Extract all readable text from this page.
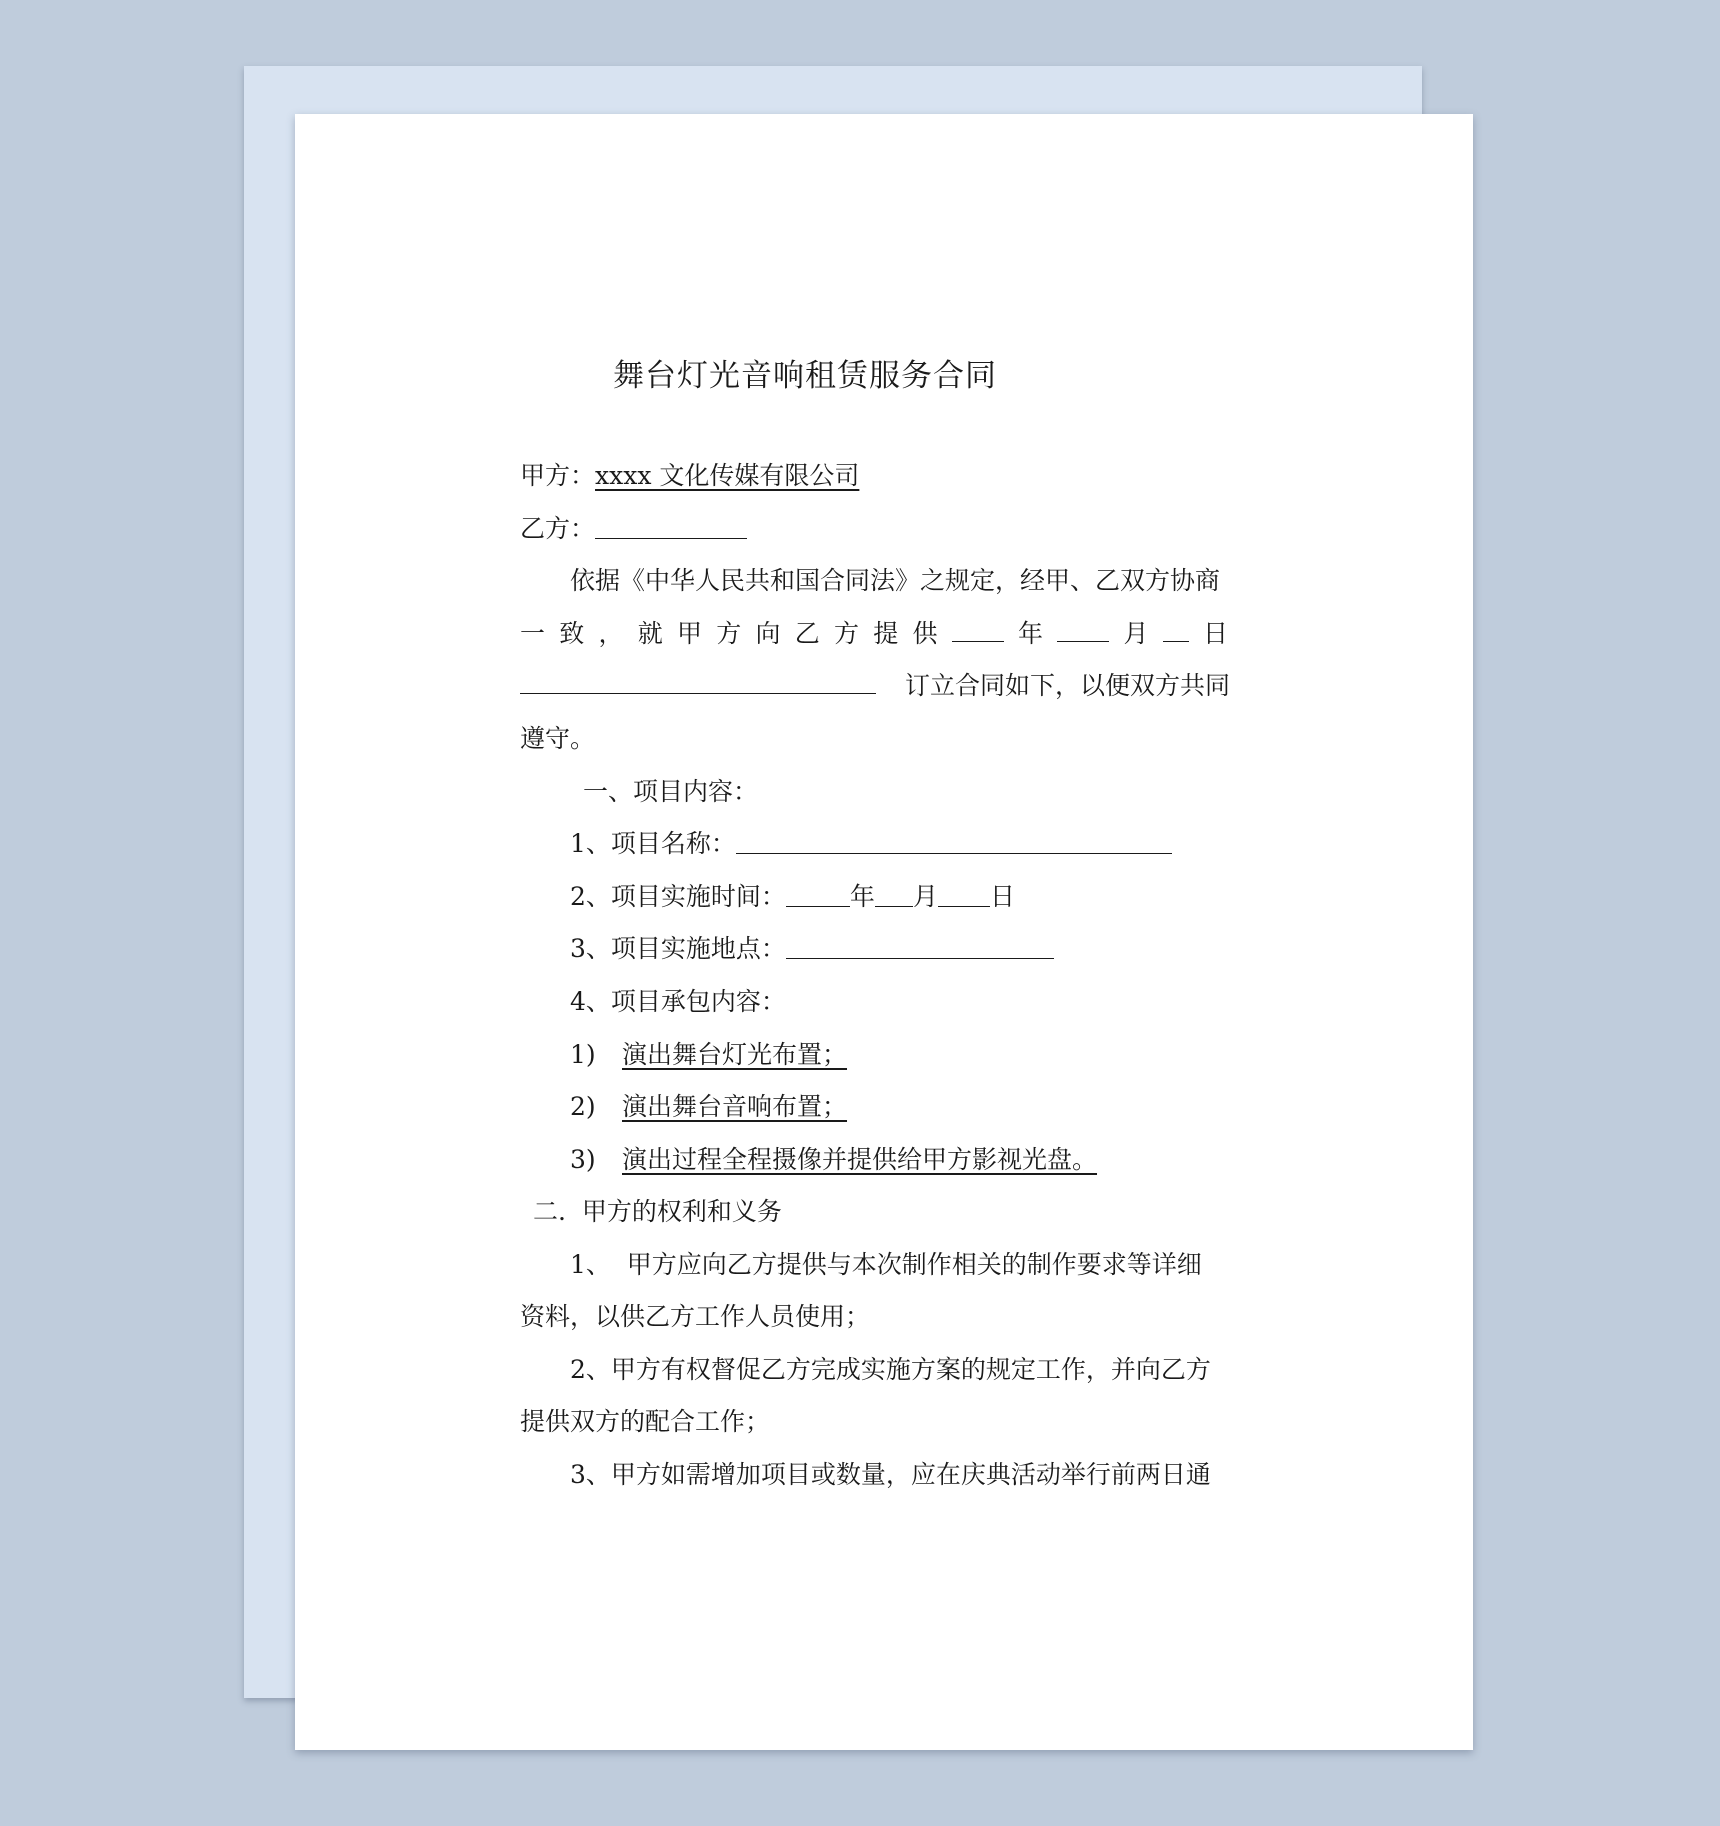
舞台灯光音响租赁服务合同
甲方：xxxx 文化传媒有限公司
乙方：
依据《中华人民共和国合同法》之规定，经甲、乙双方协商
一 致 ， 就 甲 方 向 乙 方 提 供	年	月 日
订立合同如下，以便双方共同
遵守。
一、项目内容：
1、项目名称：
2、项目实施时间：	年 月 日
3、项目实施地点：
4、项目承包内容：
1) 演出舞台灯光布置；
2) 演出舞台音响布置；
3) 演出过程全程摄像并提供给甲方影视光盘。
二.  甲方的权利和义务
1、  甲方应向乙方提供与本次制作相关的制作要求等详细
资料，以供乙方工作人员使用；
2、甲方有权督促乙方完成实施方案的规定工作，并向乙方
提供双方的配合工作；
3、甲方如需增加项目或数量，应在庆典活动举行前两日通
